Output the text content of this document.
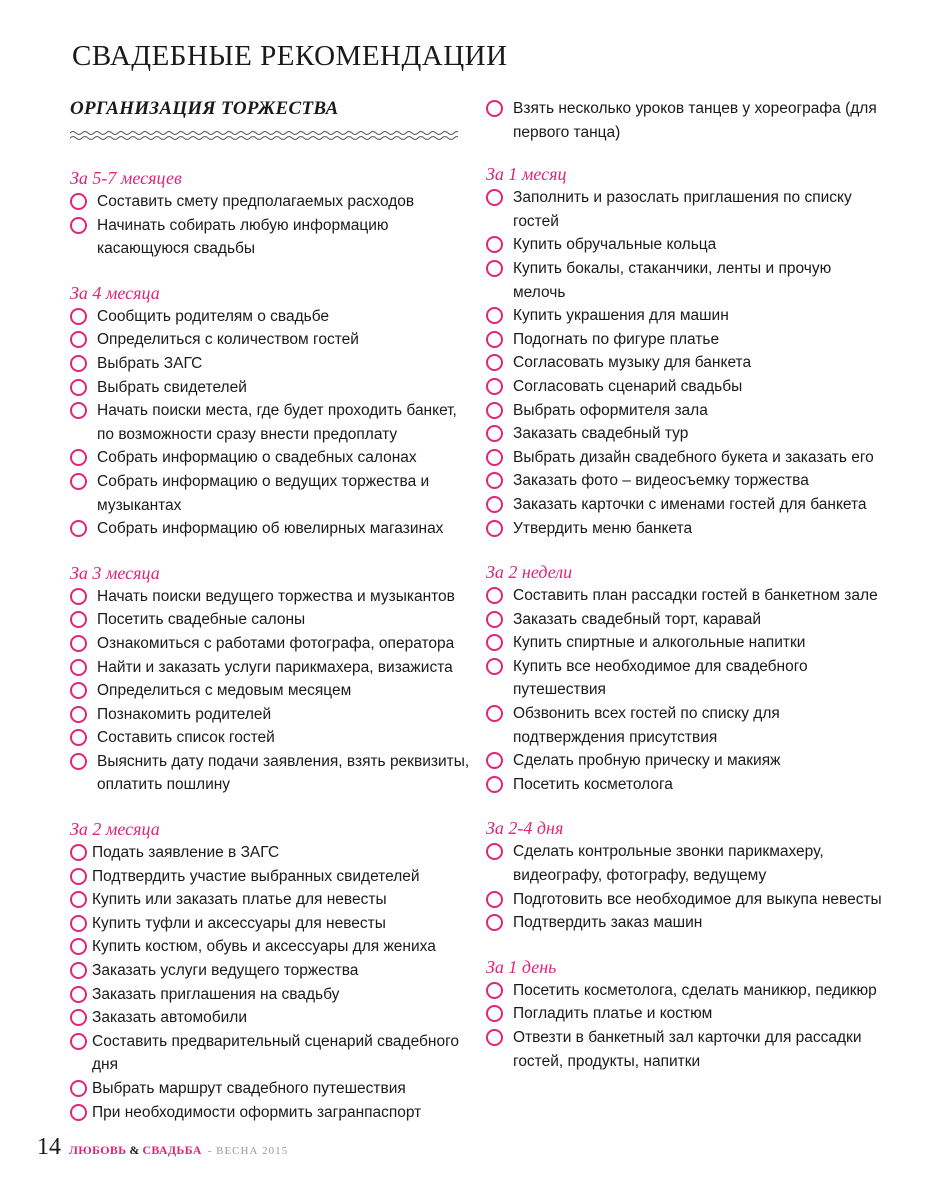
СВАДЕБНЫЕ РЕКОМЕНДАЦИИ
ОРГАНИЗАЦИЯ ТОРЖЕСТВА
За 5-7 месяцев
Составить смету предполагаемых расходов
Начинать собирать любую информацию касающуюся свадьбы
За 4 месяца
Сообщить родителям о свадьбе
Определиться с количеством гостей
Выбрать ЗАГС
Выбрать свидетелей
Начать поиски места, где будет проходить банкет, по возможности сразу внести предоплату
Собрать информацию о свадебных салонах
Собрать информацию о ведущих торжества и музыкантах
Собрать информацию об ювелирных магазинах
За 3 месяца
Начать поиски ведущего торжества и музыкантов
Посетить свадебные салоны
Ознакомиться с работами фотографа, оператора
Найти и заказать услуги парикмахера, визажиста
Определиться с медовым месяцем
Познакомить родителей
Составить список гостей
Выяснить дату подачи заявления, взять реквизиты, оплатить пошлину
За 2 месяца
Подать заявление в ЗАГС
Подтвердить участие выбранных свидетелей
Купить или заказать платье для невесты
Купить туфли и аксессуары для невесты
Купить костюм, обувь и аксессуары для жениха
Заказать услуги ведущего торжества
Заказать приглашения на свадьбу
Заказать автомобили
Составить предварительный сценарий свадебного дня
Выбрать маршрут свадебного путешествия
При необходимости оформить загранпаспорт
Взять несколько уроков танцев у хореографа (для первого танца)
За 1 месяц
Заполнить и разослать приглашения по списку гостей
Купить обручальные кольца
Купить бокалы, стаканчики, ленты и прочую мелочь
Купить украшения для машин
Подогнать по фигуре платье
Согласовать музыку для банкета
Согласовать сценарий свадьбы
Выбрать оформителя зала
Заказать свадебный тур
Выбрать дизайн свадебного букета и заказать его
Заказать фото – видеосъемку торжества
Заказать карточки с именами гостей для банкета
Утвердить меню банкета
За 2 недели
Составить план рассадки гостей в банкетном зале
Заказать свадебный торт, каравай
Купить спиртные и алкогольные напитки
Купить все необходимое для свадебного путешествия
Обзвонить всех гостей по списку для подтверждения присутствия
Сделать пробную прическу и макияж
Посетить косметолога
За 2-4 дня
Сделать контрольные звонки парикмахеру, видеографу, фотографу, ведущему
Подготовить все необходимое для выкупа невесты
Подтвердить заказ машин
За 1 день
Посетить косметолога, сделать маникюр, педикюр
Погладить платье и костюм
Отвезти в банкетный зал карточки для рассадки гостей, продукты, напитки
14 ЛЮБОВЬ & СВАДЬБА - ВЕСНА 2015
